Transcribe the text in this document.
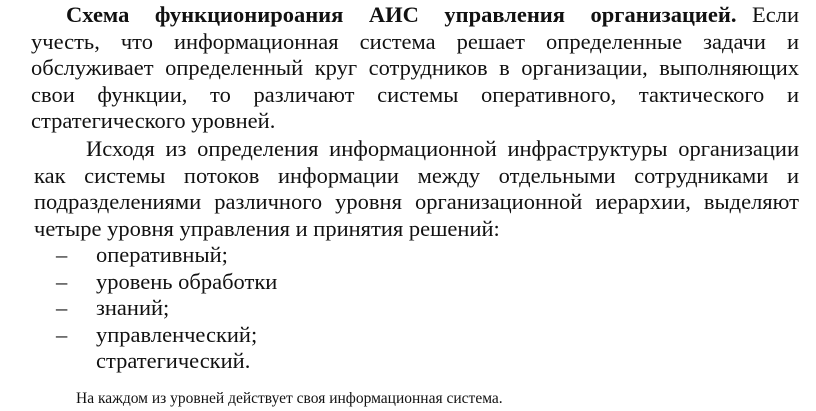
Схема функционироания АИС управления организацией. Если учесть, что информационная система решает определенные задачи и обслуживает определенный круг сотрудников в организации, выполняющих свои функции, то различают системы оперативного, тактического и стратегического уровней.

Исходя из определения информационной инфраструктуры организации как системы потоков информации между отдельными сотрудниками и подразделениями различного уровня организационной иерархии, выделяют четыре уровня управления и принятия решений:

– оперативный;
– уровень обработки
– знаний;
– управленческий;
стратегический.

На каждом из уровней действует своя информационная система.
